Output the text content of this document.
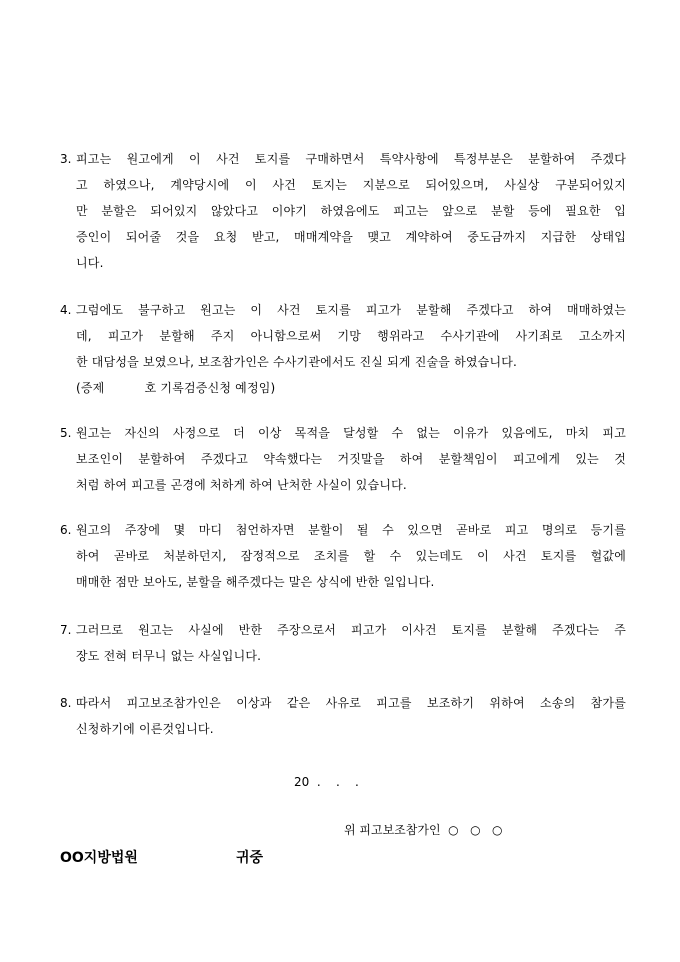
3. 피고는 원고에게 이 사건 토지를 구매하면서 특약사항에 특정부분은 분할하여 주겠다
고 하였으나, 계약당시에 이 사건 토지는 지분으로 되어있으며, 사실상 구분되어있지
만 분할은 되어있지 않았다고 이야기 하였음에도 피고는 앞으로 분할 등에 필요한 입
증인이 되어줄 것을 요청 받고, 매매계약을 맺고 계약하여 중도금까지 지급한 상태입
니다.
4. 그럼에도 불구하고 원고는 이 사건 토지를 피고가 분할해 주겠다고 하여 매매하였는
데, 피고가 분할해 주지 아니함으로써 기망 행위라고 수사기관에 사기죄로 고소까지
한 대담성을 보였으나, 보조참가인은 수사기관에서도 진실 되게 진술을 하였습니다.
(증제          호 기록검증신청 예정임)
5. 원고는 자신의 사정으로 더 이상 목적을 달성할 수 없는 이유가 있음에도, 마치 피고
보조인이 분할하여 주겠다고 약속했다는 거짓말을 하여 분할책임이 피고에게 있는 것
처럼 하여 피고를 곤경에 처하게 하여 난처한 사실이 있습니다.
6. 원고의 주장에 몇 마디 첨언하자면 분할이 될 수 있으면 곧바로 피고 명의로 등기를
하여 곧바로 처분하던지, 잠정적으로 조치를 할 수 있는데도 이 사건 토지를 헐값에
매매한 점만 보아도, 분할을 해주겠다는 말은 상식에 반한 일입니다.
7. 그러므로 원고는 사실에 반한 주장으로서 피고가 이사건 토지를 분할해 주겠다는 주
장도 전혀 터무니 없는 사실입니다.
8. 따라서 피고보조참가인은 이상과 같은 사유로 피고를 보조하기 위하여 소송의 참가를
신청하기에 이른것입니다.
20  .    .    .
위 피고보조참가인  ○   ○   ○
OO지방법원	귀중
